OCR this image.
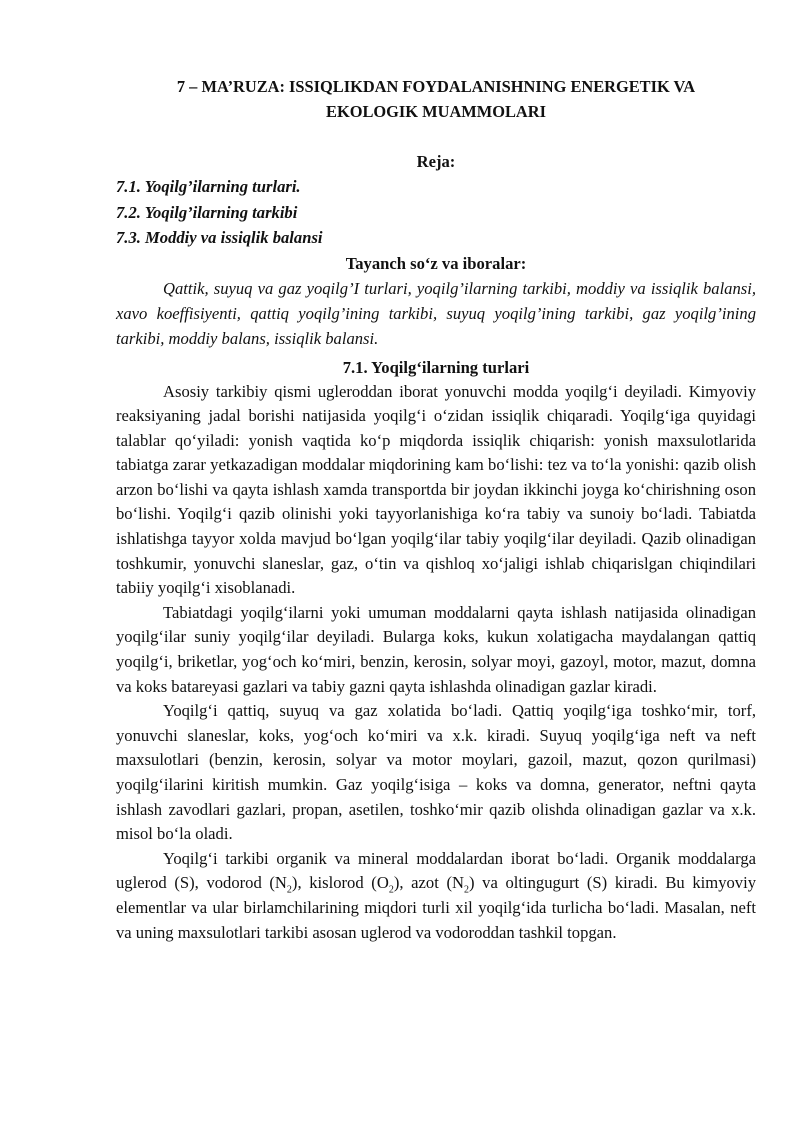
7 – MA’RUZA: ISSIQLIKDAN FOYDALANISHNING ENERGETIK VA
EKOLOGIK MUAMMOLARI

Reja:

7.1. Yoqilg’ilarning turlari.
7.2. Yoqilg’ilarning tarkibi
7.3. Moddiy va issiqlik balansi

Tayanch so‘z va iboralar:

Qattik, suyuq va gaz yoqilg’I turlari, yoqilg’ilarning tarkibi, moddiy va issiqlik balansi, xavo koeffisiyenti, qattiq yoqilg’ining tarkibi, suyuq yoqilg’ining tarkibi, gaz yoqilg’ining tarkibi, moddiy balans, issiqlik balansi.

7.1. Yoqilg‘ilarning turlari

Asosiy tarkibiy qismi ugleroddan iborat yonuvchi modda yoqilg‘i deyiladi. Kimyoviy reaksiyaning jadal borishi natijasida yoqilg‘i o‘zidan issiqlik chiqaradi. Yoqilg‘iga quyidagi talablar qo‘yiladi: yonish vaqtida ko‘p miqdorda issiqlik chiqarish: yonish maxsulotlarida tabiatga zarar yetkazadigan moddalar miqdorining kam bo‘lishi: tez va to‘la yonishi: qazib olish arzon bo‘lishi va qayta ishlash xamda transportda bir joydan ikkinchi joyga ko‘chirishning oson bo‘lishi. Yoqilg‘i qazib olinishi yoki tayyorlanishiga ko‘ra tabiy va sunoiy bo‘ladi. Tabiatda ishlatishga tayyor xolda mavjud bo‘lgan yoqilg‘ilar tabiy yoqilg‘ilar deyiladi. Qazib olinadigan toshkumir, yonuvchi slaneslar, gaz, o‘tin va qishloq xo‘jaligi ishlab chiqarislgan chiqindilari tabiiy yoqilg‘i xisoblanadi.

Tabiatdagi yoqilg‘ilarni yoki umuman moddalarni qayta ishlash natijasida olinadigan yoqilg‘ilar suniy yoqilg‘ilar deyiladi. Bularga koks, kukun xolatigacha maydalangan qattiq yoqilg‘i, briketlar, yog‘och ko‘miri, benzin, kerosin, solyar moyi, gazoyl, motor, mazut, domna va koks batareyasi gazlari va tabiy gazni qayta ishlashda olinadigan gazlar kiradi.

Yoqilg‘i qattiq, suyuq va gaz xolatida bo‘ladi. Qattiq yoqilg‘iga toshko‘mir, torf, yonuvchi slaneslar, koks, yog‘och ko‘miri va x.k. kiradi. Suyuq yoqilg‘iga neft va neft maxsulotlari (benzin, kerosin, solyar va motor moylari, gazoil, mazut, qozon qurilmasi) yoqilg‘ilarini kiritish mumkin. Gaz yoqilg‘isiga – koks va domna, generator, neftni qayta ishlash zavodlari gazlari, propan, asetilen, toshko‘mir qazib olishda olinadigan gazlar va x.k. misol bo‘la oladi.

Yoqilg‘i tarkibi organik va mineral moddalardan iborat bo‘ladi. Organik moddalarga uglerod (S), vodorod $(N_2)$, kislorod $(O_2)$, azot $(N_2)$ va oltingugurt (S) kiradi. Bu kimyoviy elementlar va ular birlamchilarining miqdori turli xil yoqilg‘ida turlicha bo‘ladi. Masalan, neft va uning maxsulotlari tarkibi asosan uglerod va vodoroddan tashkil topgan.
